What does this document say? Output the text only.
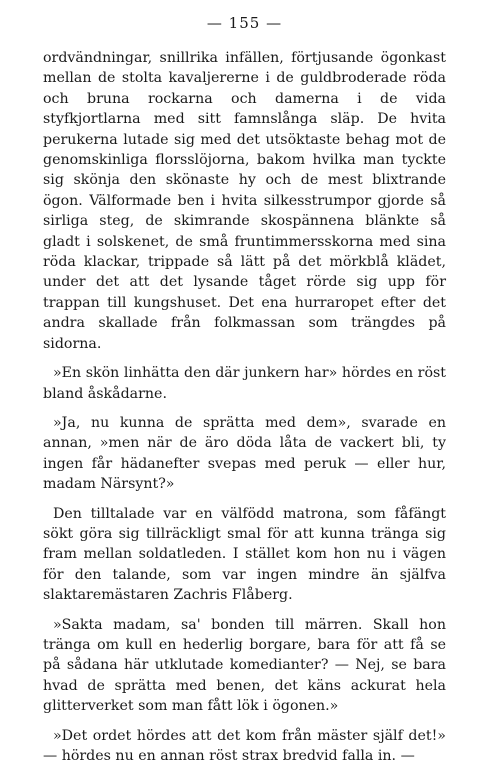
— 155 —

ordvändningar, snillrika infällen, förtjusande ögonkast mellan de stolta kavaljererne i de guldbroderade röda och bruna rockarna och damerna i de vida styfkjortlarna med sitt famnslånga släp. De hvita perukerna lutade sig med det utsöktaste behag mot de genomskinliga florsslöjorna, bakom hvilka man tyckte sig skönja den skönaste hy och de mest blixtrande ögon. Välformade ben i hvita silkesstrumpor gjorde så sirliga steg, de skimrande skospännena blänkte så gladt i solskenet, de små fruntimmersskorna med sina röda klackar, trippade så lätt på det mörkblå klädet, under det att det lysande tåget rörde sig upp för trappan till kungshuset. Det ena hurraropet efter det andra skallade från folkmassan som trängdes på sidorna.

»En skön linhätta den där junkern har» hördes en röst bland åskådarne.

»Ja, nu kunna de sprätta med dem», svarade en annan, »men när de äro döda låta de vackert bli, ty ingen får hädanefter svepas med peruk — eller hur, madam Närsynt?»

Den tilltalade var en välfödd matrona, som fåfängt sökt göra sig tillräckligt smal för att kunna tränga sig fram mellan soldatleden. I stället kom hon nu i vägen för den talande, som var ingen mindre än själfva slaktaremästaren Zachris Flåberg.

»Sakta madam, sa' bonden till märren. Skall hon tränga om kull en hederlig borgare, bara för att få se på sådana här utklutade komedianter? — Nej, se bara hvad de sprätta med benen, det käns ackurat hela glitterverket som man fått lök i ögonen.»

»Det ordet hördes att det kom från mäster själf det!» — hördes nu en annan röst strax bredvid falla in. —
